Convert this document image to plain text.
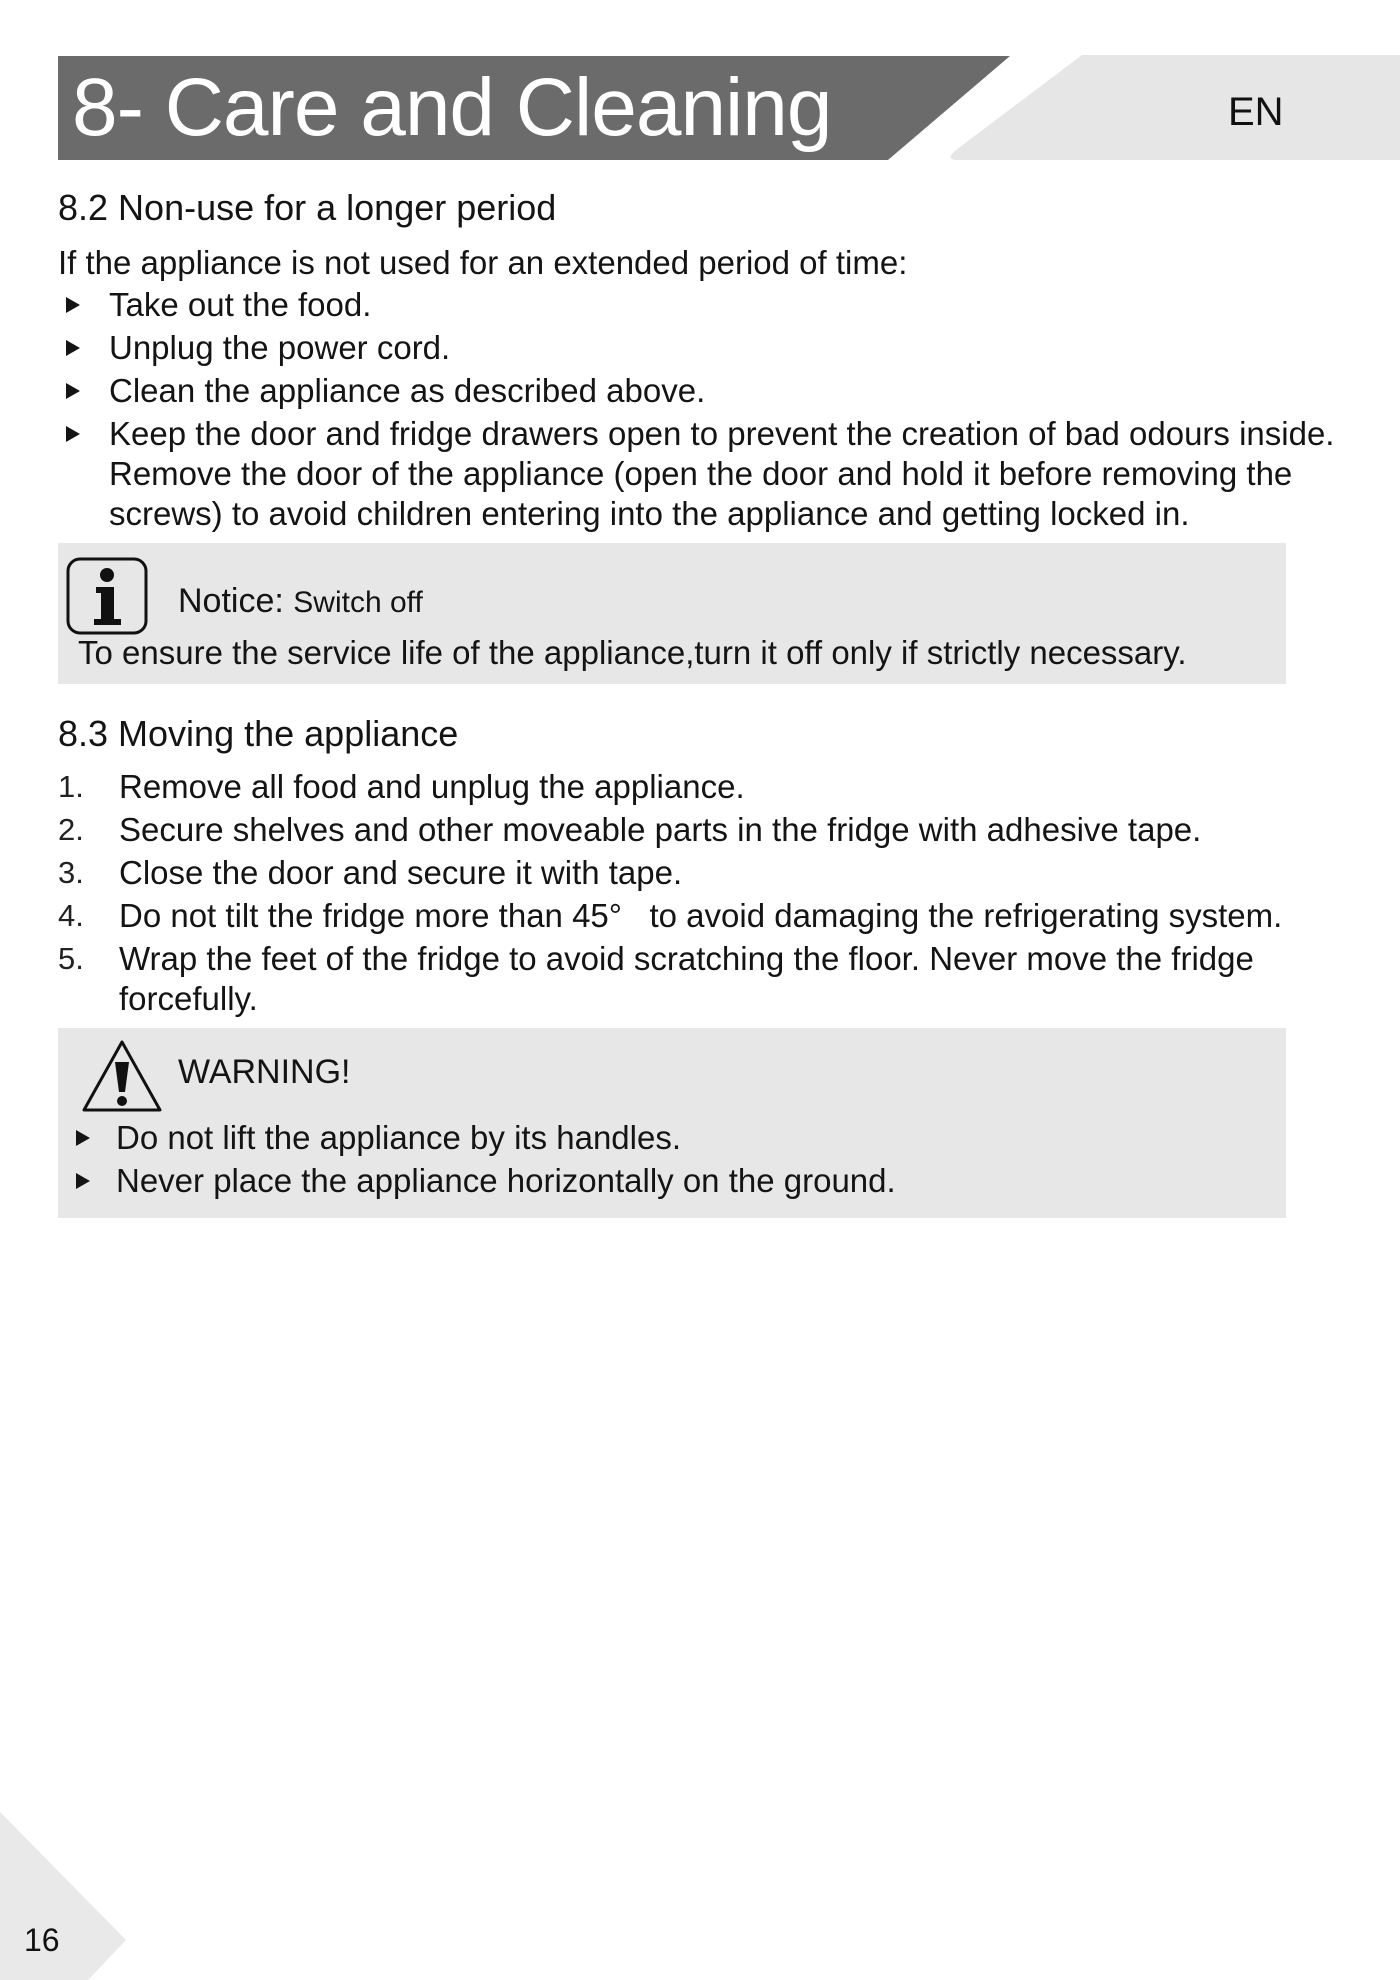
8- Care and Cleaning	EN
8.2 Non-use for a longer period
If the appliance is not used for an extended period of time:
Take out the food.
Unplug the power cord.
Clean the appliance as described above.
Keep the door and fridge drawers open to prevent the creation of bad odours inside. Remove the door of the appliance (open the door and hold it before removing the screws) to avoid children entering into the appliance and getting locked in.
Notice: Switch off
To ensure the service life of the appliance,turn it off only if strictly necessary.
8.3 Moving the appliance
1. Remove all food and unplug the appliance.
2. Secure shelves and other moveable parts in the fridge with adhesive tape.
3. Close the door and secure it with tape.
4. Do not tilt the fridge more than 45°   to avoid damaging the refrigerating system.
5. Wrap the feet of the fridge to avoid scratching the floor. Never move the fridge forcefully.
WARNING!
Do not lift the appliance by its handles.
Never place the appliance horizontally on the ground.
16
